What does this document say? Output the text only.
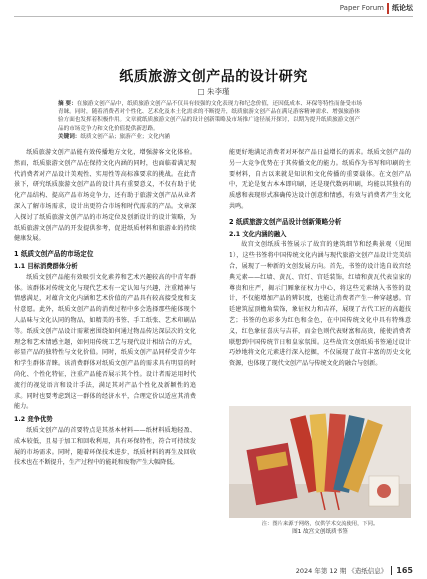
Paper Forum 纸论坛
纸质旅游文创产品的设计研究
□ 朱李瑾
摘 要：在旅游文创产品中，纸质旅游文创产品不仅具有较强的文化表现力和纪念价值，还因低成本、环保等特性而备受市场青睐。同时，随着消费者对个性化、艺术化及本土化需求的不断提升，纸质旅游文创产品在满足游客精神需求、增强旅游体验方面也发挥着积极作用。文章就纸质旅游文创产品的设计创新策略及市场推广途径展开探讨，以期为提升纸质旅游文创产品的市场竞争力和文化价值提供新思路。
关键词：纸质文创产品；旅游产业；文化内涵

纸质旅游文创产品能有效传播地方文化，增强游客文化体验。然而，纸质旅游文创产品在保持文化内涵的同时，也面临着满足现代消费者对产品设计美观性、实用性等高标准要求的挑战。在此背景下，研究纸质旅游文创产品的设计具有重要意义，不仅有助于优化产品结构、提高产品市场竞争力，还有助于旅游文创产品从业者深入了解市场需求，设计出更符合市场和时代需求的产品。文章深入探讨了纸质旅游文创产品的市场定位及创新设计的设计策略，为纸质旅游文创产品的开发提供参考，促进纸质材料和旅游业的持续健康发展。

1 纸质文创产品的市场定位
1.1 目标消费群体分析

纸质文创产品能有效吸引文化素养和艺术兴趣较高的中青年群体。该群体对传统文化与现代艺术有一定认知与兴趣，注重精神与情感满足，对蕴含文化内涵和艺术价值的产品具有较高接受度和支付意愿。此外，纸质文创产品的消费过程中多会选择那些能体现个人品味与文化认同的物品，如精美的书签、手工纸张、艺术印刷品等。纸质文创产品设计需紧密围绕如何通过物品传达深层次的文化理念和艺术情感主题，如何用传统工艺与现代设计相结合的方式，彰显产品的独特性与文化价值。同时，纸质文创产品同样受青少年和学生群体青睐。该消费群体对纸质文创产品的需求具有明显的时尚化、个性化特征，注重产品能否展示其个性。设计者需运用时代流行的视觉语言和设计手法，满足其对产品个性化及新颖性的追求。同时也要考虑到这一群体的经济水平，合理定价以适应其消费能力。

1.2 竞争优势

纸质文创产品的首要特点是其基本材料——纸材料质地轻盈、成本较低，且易于加工和回收利用，具有环保特性，符合可持续发展的市场需求。同时，随着环保技术进步，纸质材料的再生及回收技术也在不断提升，生产过程中的能耗和废物产生大幅降低。

能更好地满足消费者对环保产品日益增长的需求。纸质文创产品的另一大竞争优势在于其传播文化的能力。纸质作为书写和印刷的主要材料，自古以来就是知识和文化传播的重要载体。在文创产品中，无论是复古本本即印刷，还是现代数码印刷，均能以其独有的质感和表现形式准确传达设计创意和情感，有效与消费者产生文化共鸣。

2 纸质旅游文创产品设计创新策略分析
2.1 文化内涵的融入

故宫文创纸质书签展示了故宫的建筑细节和经典景观（见图1），这些书签将中国传统文化内涵与现代旅游文创产品设计完美结合，展现了一种新的文创发展方向。首先，书签的设计选自故宫经典元素——红墙、黄瓦、宫灯、宫廷装饰，红墙和黄瓦代表皇家的尊贵和庄严，揭示门厢象征权力中心，将这些元素纳入书签的设计，不仅能增加产品的辨识度，也能让消费者产生一种穿越感。宫廷建筑屋顶檐角装饰，象征权力和吉祥，展现了古代工匠的高超技艺；书签的色彩多为红色和金色，在中国传统文化中具有特殊意义，红色象征喜庆与吉祥，而金色则代表财富和高贵，能使消费者联想到中国传统节日和皇家氛围。这些故宫文创纸质书签通过设计巧妙地将文化元素进行深入挖掘，不仅展现了故宫丰富的历史文化资源，也体现了现代文创产品与传统文化的融合与创新。

注：图片来源于网络，仅供学术交流使用，下同。
图1 故宫文创纸质书签
2024 年第 12 期 《造纸信息》 165
